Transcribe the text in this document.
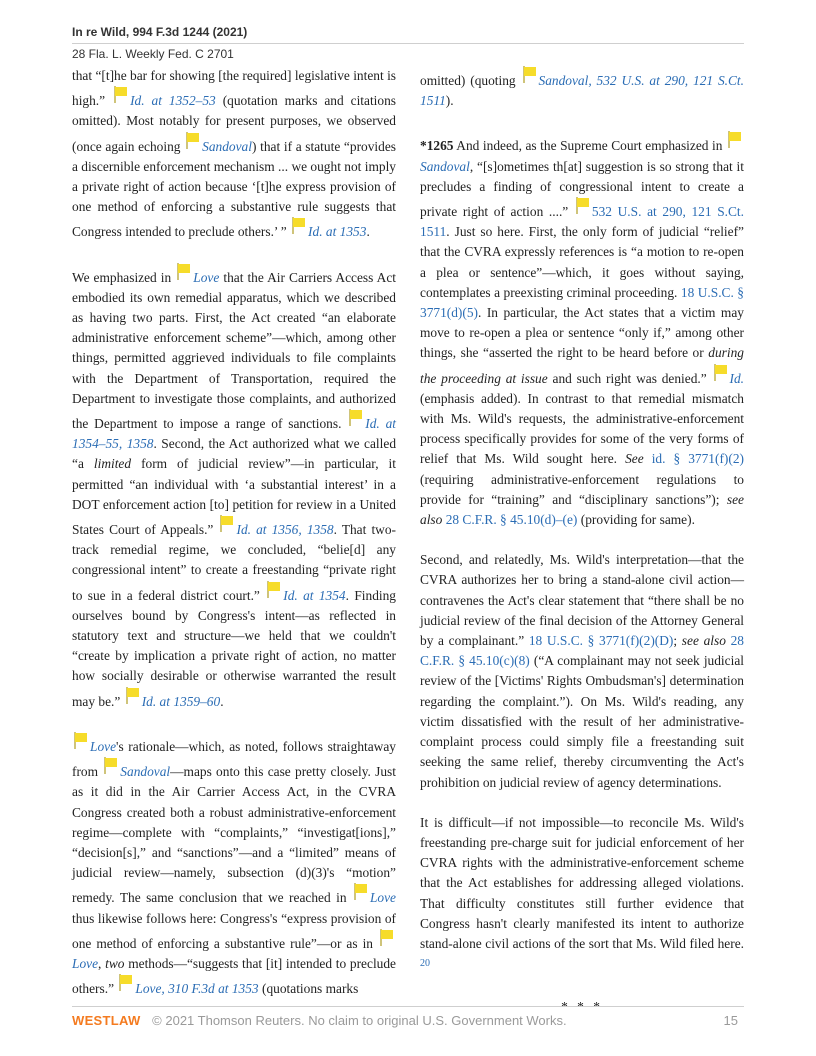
In re Wild, 994 F.3d 1244 (2021)
28 Fla. L. Weekly Fed. C 2701

that “[t]he bar for showing [the required] legislative intent is high.” Id. at 1352–53 (quotation marks and citations omitted). Most notably for present purposes, we observed (once again echoing Sandoval) that if a statute “provides a discernible enforcement mechanism ... we ought not imply a private right of action because ‘[t]he express provision of one method of enforcing a substantive rule suggests that Congress intended to preclude others.’ ” Id. at 1353.

We emphasized in Love that the Air Carriers Access Act embodied its own remedial apparatus, which we described as having two parts. First, the Act created “an elaborate administrative enforcement scheme”—which, among other things, permitted aggrieved individuals to file complaints with the Department of Transportation, required the Department to investigate those complaints, and authorized the Department to impose a range of sanctions. Id. at 1354–55, 1358. Second, the Act authorized what we called “a limited form of judicial review”—in particular, it permitted “an individual with ‘a substantial interest’ in a DOT enforcement action [to] petition for review in a United States Court of Appeals.” Id. at 1356, 1358. That two-track remedial regime, we concluded, “belie[d] any congressional intent” to create a freestanding “private right to sue in a federal district court.” Id. at 1354. Finding ourselves bound by Congress's intent—as reflected in statutory text and structure—we held that we couldn't “create by implication a private right of action, no matter how socially desirable or otherwise warranted the result may be.” Id. at 1359–60.

Love's rationale—which, as noted, follows straightaway from Sandoval—maps onto this case pretty closely. Just as it did in the Air Carrier Access Act, in the CVRA Congress created both a robust administrative-enforcement regime—complete with “complaints,” “investigat[ions],” “decision[s],” and “sanctions”—and a “limited” means of judicial review—namely, subsection (d)(3)'s “motion” remedy. The same conclusion that we reached in Love thus likewise follows here: Congress's “express provision of one method of enforcing a substantive rule”—or as in Love, two methods—“suggests that [it] intended to preclude others.” Love, 310 F.3d at 1353 (quotations marks

omitted) (quoting Sandoval, 532 U.S. at 290, 121 S.Ct. 1511).

*1265 And indeed, as the Supreme Court emphasized in Sandoval, “[s]ometimes th[at] suggestion is so strong that it precludes a finding of congressional intent to create a private right of action ....” 532 U.S. at 290, 121 S.Ct. 1511. Just so here. First, the only form of judicial “relief” that the CVRA expressly references is “a motion to re-open a plea or sentence”—which, it goes without saying, contemplates a preexisting criminal proceeding. 18 U.S.C. § 3771(d)(5). In particular, the Act states that a victim may move to re-open a plea or sentence “only if,” among other things, she “asserted the right to be heard before or during the proceeding at issue and such right was denied.” Id. (emphasis added). In contrast to that remedial mismatch with Ms. Wild's requests, the administrative-enforcement process specifically provides for some of the very forms of relief that Ms. Wild sought here. See id. § 3771(f)(2) (requiring administrative-enforcement regulations to provide for “training” and “disciplinary sanctions”); see also 28 C.F.R. § 45.10(d)–(e) (providing for same).

Second, and relatedly, Ms. Wild's interpretation—that the CVRA authorizes her to bring a stand-alone civil action—contravenes the Act's clear statement that “there shall be no judicial review of the final decision of the Attorney General by a complainant.” 18 U.S.C. § 3771(f)(2)(D); see also 28 C.F.R. § 45.10(c)(8) (“A complainant may not seek judicial review of the [Victims' Rights Ombudsman's] determination regarding the complaint.”). On Ms. Wild's reading, any victim dissatisfied with the result of her administrative-complaint process could simply file a freestanding suit seeking the same relief, thereby circumventing the Act's prohibition on judicial review of agency determinations.

It is difficult—if not impossible—to reconcile Ms. Wild's freestanding pre-charge suit for judicial enforcement of her CVRA rights with the administrative-enforcement scheme that the Act establishes for addressing alleged violations. That difficulty constitutes still further evidence that Congress hasn't clearly manifested its intent to authorize stand-alone civil actions of the sort that Ms. Wild filed here. $^{20}$

* * *
WESTLAW © 2021 Thomson Reuters. No claim to original U.S. Government Works.	15
